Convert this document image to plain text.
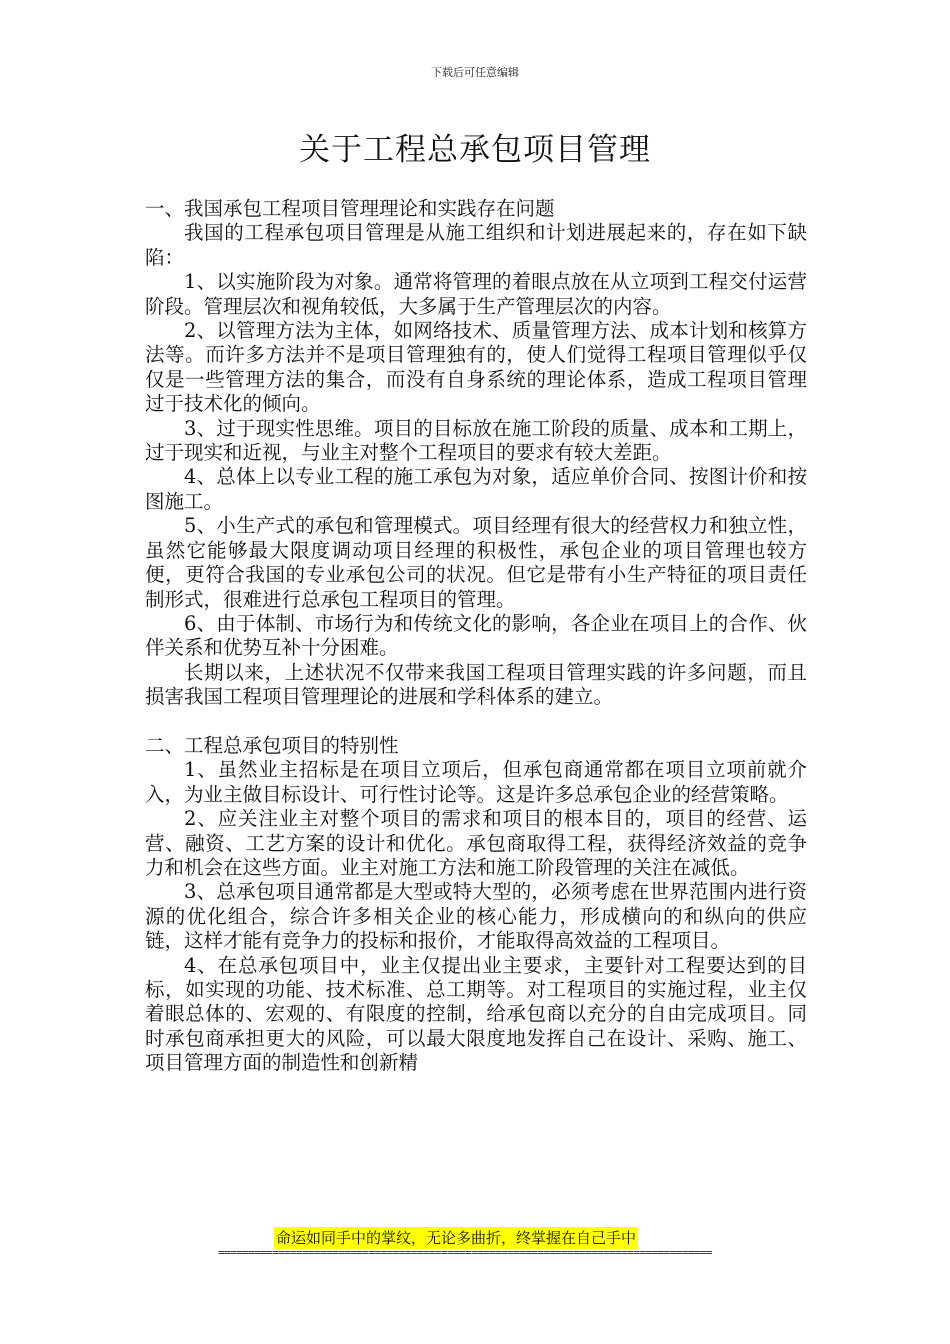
下载后可任意编辑
关于工程总承包项目管理

一、我国承包工程项目管理理论和实践存在问题

我国的工程承包项目管理是从施工组织和计划进展起来的，存在如下缺陷：

1、以实施阶段为对象。通常将管理的着眼点放在从立项到工程交付运营阶段。管理层次和视角较低，大多属于生产管理层次的内容。

2、以管理方法为主体，如网络技术、质量管理方法、成本计划和核算方法等。而许多方法并不是项目管理独有的，使人们觉得工程项目管理似乎仅仅是一些管理方法的集合，而没有自身系统的理论体系，造成工程项目管理过于技术化的倾向。

3、过于现实性思维。项目的目标放在施工阶段的质量、成本和工期上，过于现实和近视，与业主对整个工程项目的要求有较大差距。

4、总体上以专业工程的施工承包为对象，适应单价合同、按图计价和按图施工。

5、小生产式的承包和管理模式。项目经理有很大的经营权力和独立性，虽然它能够最大限度调动项目经理的积极性，承包企业的项目管理也较方便，更符合我国的专业承包公司的状况。但它是带有小生产特征的项目责任制形式，很难进行总承包工程项目的管理。

6、由于体制、市场行为和传统文化的影响，各企业在项目上的合作、伙伴关系和优势互补十分困难。

长期以来，上述状况不仅带来我国工程项目管理实践的许多问题，而且损害我国工程项目管理理论的进展和学科体系的建立。

二、工程总承包项目的特别性

1、虽然业主招标是在项目立项后，但承包商通常都在项目立项前就介入，为业主做目标设计、可行性讨论等。这是许多总承包企业的经营策略。

2、应关注业主对整个项目的需求和项目的根本目的，项目的经营、运营、融资、工艺方案的设计和优化。承包商取得工程，获得经济效益的竞争力和机会在这些方面。业主对施工方法和施工阶段管理的关注在减低。

3、总承包项目通常都是大型或特大型的，必须考虑在世界范围内进行资源的优化组合，综合许多相关企业的核心能力，形成横向的和纵向的供应链，这样才能有竞争力的投标和报价，才能取得高效益的工程项目。

4、在总承包项目中，业主仅提出业主要求，主要针对工程要达到的目标，如实现的功能、技术标准、总工期等。对工程项目的实施过程，业主仅着眼总体的、宏观的、有限度的控制，给承包商以充分的自由完成项目。同时承包商承担更大的风险，可以最大限度地发挥自己在设计、采购、施工、项目管理方面的制造性和创新精

命运如同手中的掌纹，无论多曲折，终掌握在自己手中
==================================================================================
